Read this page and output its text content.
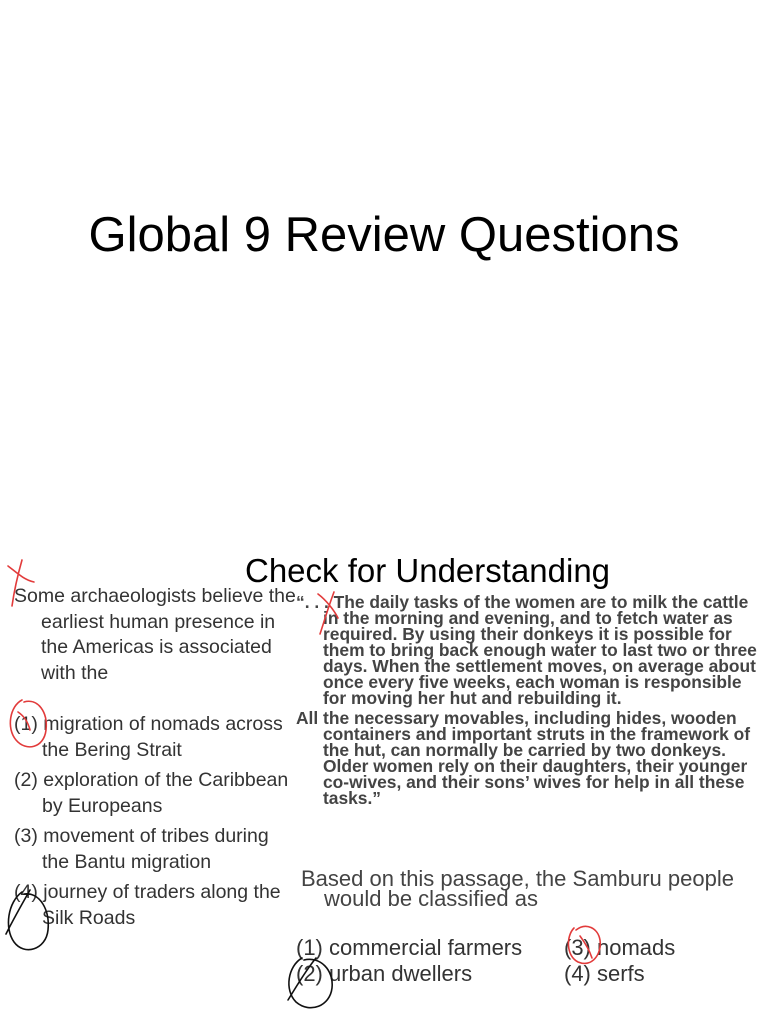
Global 9 Review Questions
Check for Understanding

Some archaeologists believe the earliest human presence in the Americas is associated with the

(1) migration of nomads across the Bering Strait

(2) exploration of the Caribbean by Europeans

(3) movement of tribes during the Bantu migration

(4) journey of traders along the Silk Roads

“. . . The daily tasks of the women are to milk the cattle in the morning and evening, and to fetch water as required. By using their donkeys it is possible for them to bring back enough water to last two or three days. When the settlement moves, on average about once every five weeks, each woman is responsible for moving her hut and rebuilding it.

All the necessary movables, including hides, wooden containers and important struts in the framework of the hut, can normally be carried by two donkeys. Older women rely on their daughters, their younger co-wives, and their sons’ wives for help in all these tasks.”

Based on this passage, the Samburu people would be classified as

(1) commercial farmers
(2) urban dwellers
(3) nomads
(4) serfs
